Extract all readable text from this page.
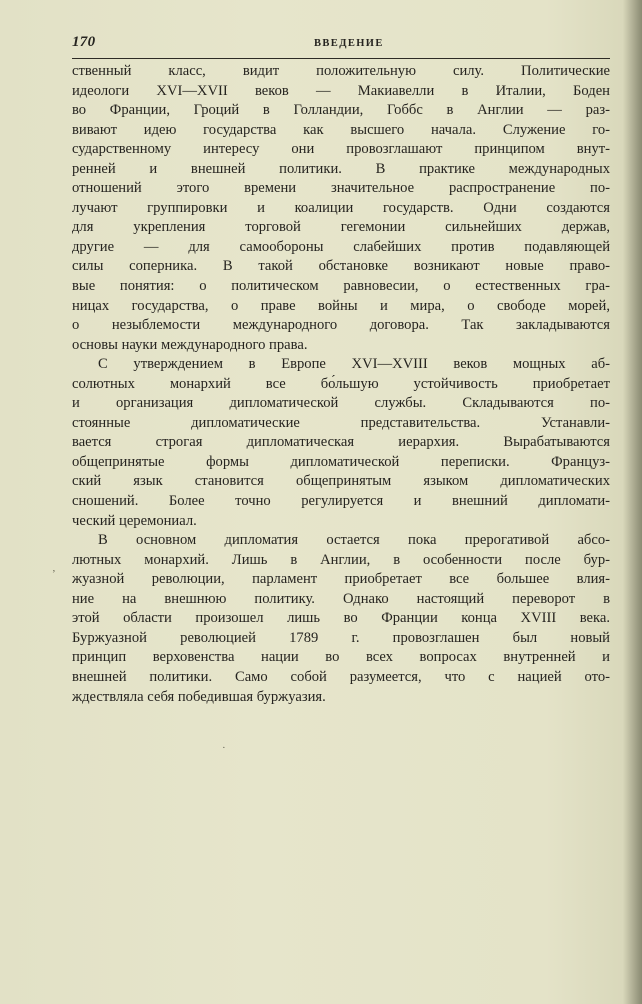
170	ВВЕДЕНИЕ
ственный класс, видит положительную силу. Политические
идеологи XVI—XVII веков — Макиавелли в Италии, Боден
во Франции, Гроций в Голландии, Гоббс в Англии — раз-
вивают идею государства как высшего начала. Служение го-
сударственному интересу они провозглашают принципом внут-
ренней и внешней политики. В практике международных
отношений этого времени значительное распространение по-
лучают группировки и коалиции государств. Одни создаются
для укрепления торговой гегемонии сильнейших держав,
другие — для самообороны слабейших против подавляющей
силы соперника. В такой обстановке возникают новые право-
вые понятия: о политическом равновесии, о естественных гра-
ницах государства, о праве войны и мира, о свободе морей,
о незыблемости международного договора. Так закладываются
основы науки международного права.
С утверждением в Европе XVI—XVIII веков мощных аб-
солютных монархий все бо́льшую устойчивость приобретает
и организация дипломатической службы. Складываются по-
стоянные дипломатические представительства. Устанавли-
вается строгая дипломатическая иерархия. Вырабатываются
общепринятые формы дипломатической переписки. Француз-
ский язык становится общепринятым языком дипломатических
сношений. Более точно регулируется и внешний дипломати-
ческий церемониал.
В основном дипломатия остается пока прерогативой абсо-
лютных монархий. Лишь в Англии, в особенности после бур-
жуазной революции, парламент приобретает все большее влия-
ние на внешнюю политику. Однако настоящий переворот в
этой области произошел лишь во Франции конца XVIII века.
Буржуазной революцией 1789 г. провозглашен был новый
принцип верховенства нации во всех вопросах внутренней и
внешней политики. Само собой разумеется, что с нацией ото-
ждествляла себя победившая буржуазия.
‚
·
